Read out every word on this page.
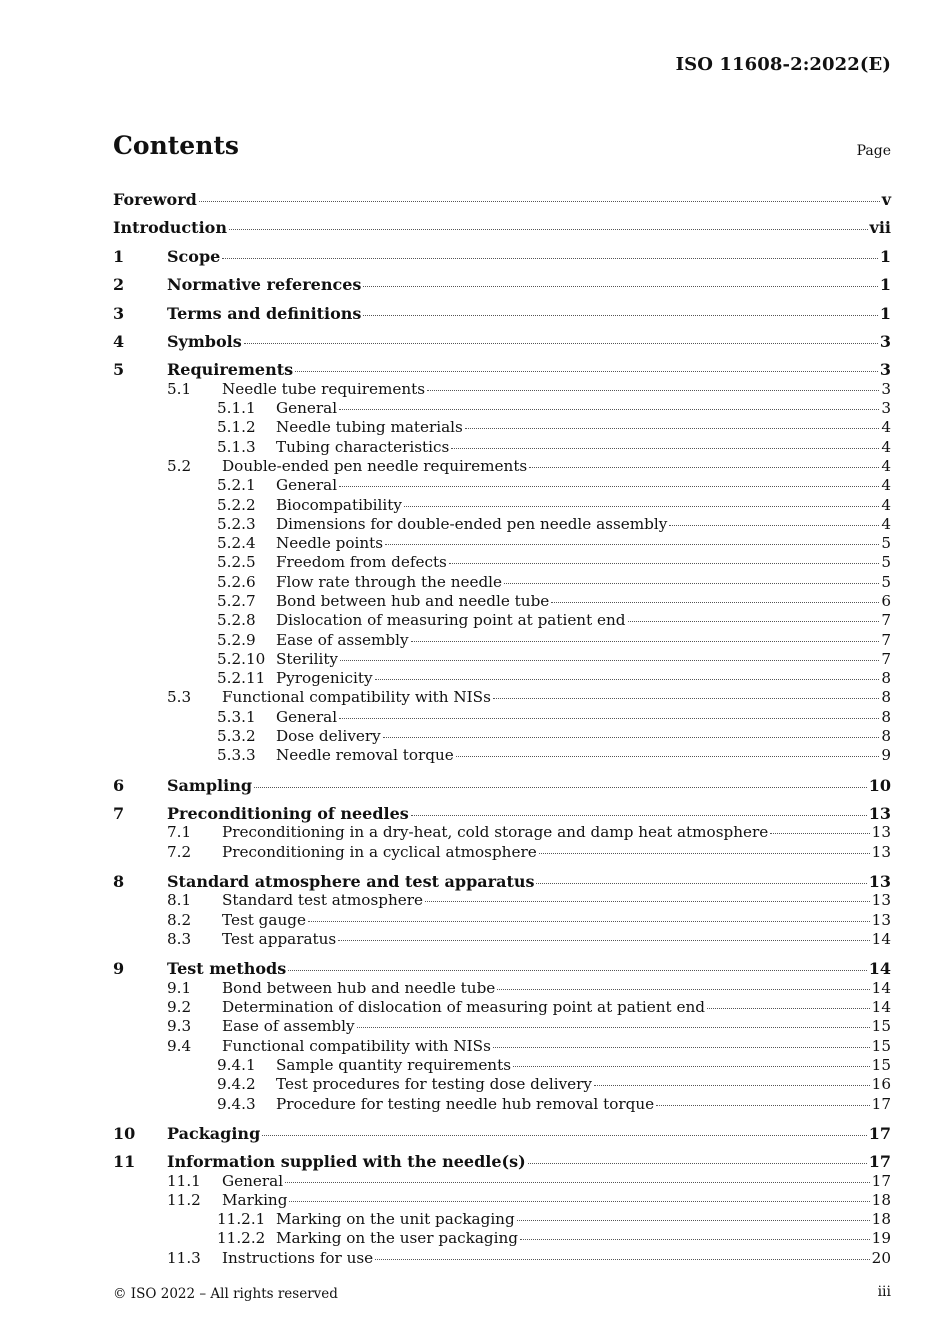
ISO 11608-2:2022(E)
Contents	Page
Foreword	v
Introduction	vii
1	Scope	1
2	Normative references	1
3	Terms and definitions	1
4	Symbols	3
5	Requirements	3
5.1	Needle tube requirements	3
5.1.1	General	3
5.1.2	Needle tubing materials	4
5.1.3	Tubing characteristics	4
5.2	Double-ended pen needle requirements	4
5.2.1	General	4
5.2.2	Biocompatibility	4
5.2.3	Dimensions for double-ended pen needle assembly	4
5.2.4	Needle points	5
5.2.5	Freedom from defects	5
5.2.6	Flow rate through the needle	5
5.2.7	Bond between hub and needle tube	6
5.2.8	Dislocation of measuring point at patient end	7
5.2.9	Ease of assembly	7
5.2.10 Sterility	7
5.2.11 Pyrogenicity	8
5.3	Functional compatibility with NISs	8
5.3.1	General	8
5.3.2	Dose delivery	8
5.3.3	Needle removal torque	9
6	Sampling	10
7	Preconditioning of needles	13
7.1	Preconditioning in a dry-heat, cold storage and damp heat atmosphere	13
7.2	Preconditioning in a cyclical atmosphere	13
8	Standard atmosphere and test apparatus	13
8.1	Standard test atmosphere	13
8.2	Test gauge	13
8.3	Test apparatus	14
9	Test methods	14
9.1	Bond between hub and needle tube	14
9.2	Determination of dislocation of measuring point at patient end	14
9.3	Ease of assembly	15
9.4	Functional compatibility with NISs	15
9.4.1	Sample quantity requirements	15
9.4.2	Test procedures for testing dose delivery	16
9.4.3	Procedure for testing needle hub removal torque	17
10	Packaging	17
11	Information supplied with the needle(s)	17
11.1	General	17
11.2	Marking	18
11.2.1 Marking on the unit packaging	18
11.2.2 Marking on the user packaging	19
11.3	Instructions for use	20
© ISO 2022 – All rights reserved	iii
